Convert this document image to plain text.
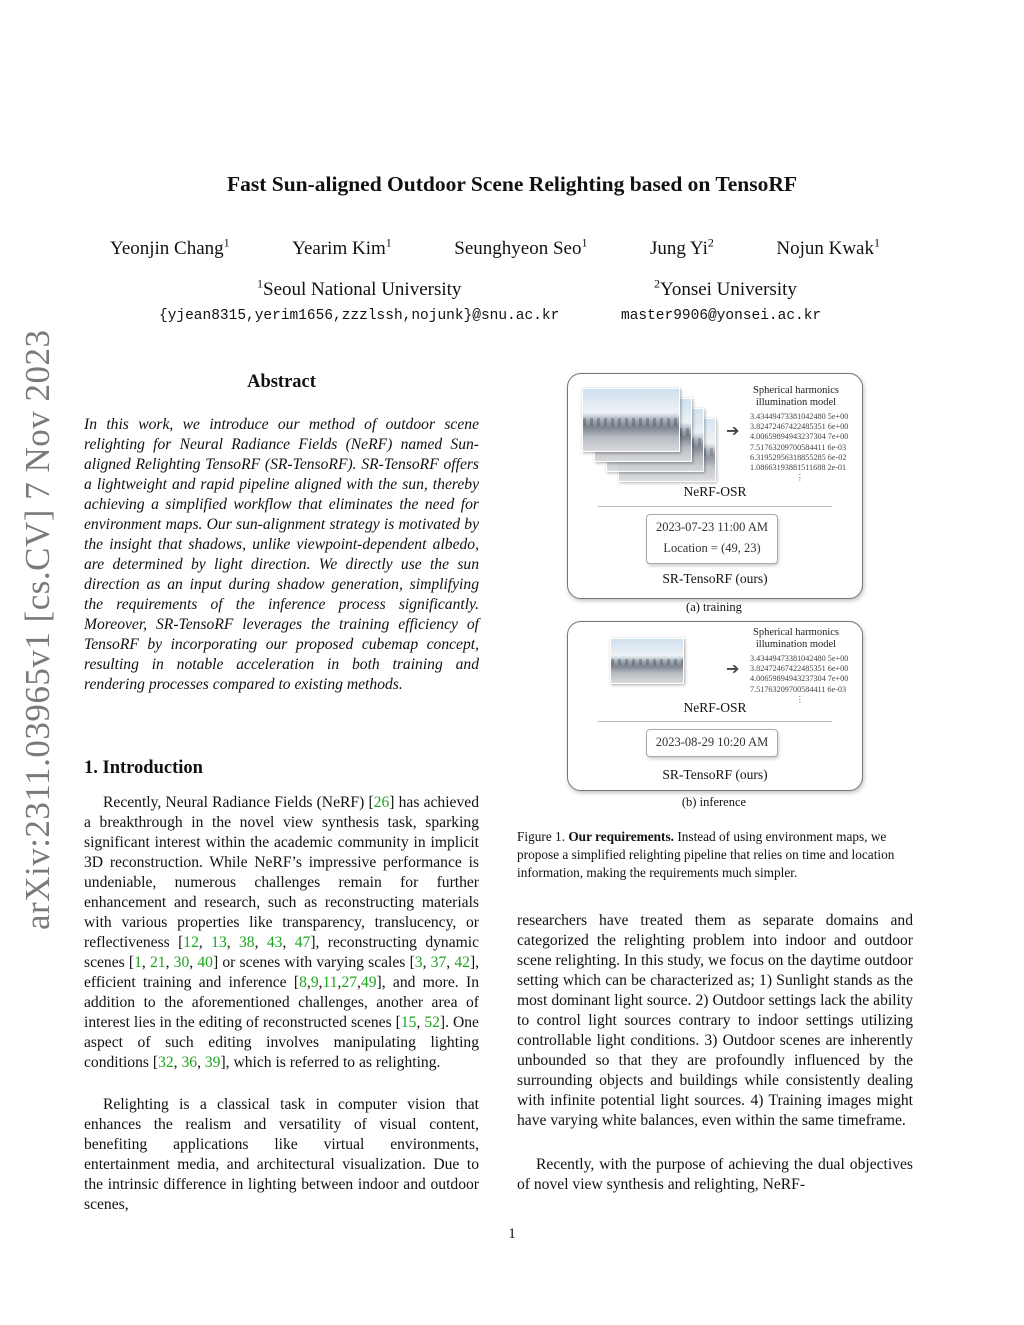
arXiv:2311.03965v1 [cs.CV] 7 Nov 2023
Fast Sun-aligned Outdoor Scene Relighting based on TensoRF
Yeonjin Chang$^1$	Yearim Kim$^1$	Seunghyeon Seo$^1$	Jung Yi$^2$	Nojun Kwak$^1$
$^1$Seoul National University	$^2$Yonsei University
{yjean8315,yerim1656,zzzlssh,nojunk}@snu.ac.kr	master9906@yonsei.ac.kr
Abstract
In this work, we introduce our method of outdoor scene relighting for Neural Radiance Fields (NeRF) named Sun-aligned Relighting TensoRF (SR-TensoRF). SR-TensoRF offers a lightweight and rapid pipeline aligned with the sun, thereby achieving a simplified workflow that eliminates the need for environment maps. Our sun-alignment strategy is motivated by the insight that shadows, unlike viewpoint-dependent albedo, are determined by light direction. We directly use the sun direction as an input during shadow generation, simplifying the requirements of the inference process significantly. Moreover, SR-TensoRF leverages the training efficiency of TensoRF by incorporating our proposed cubemap concept, resulting in notable acceleration in both training and rendering processes compared to existing methods.
1. Introduction
Recently, Neural Radiance Fields (NeRF) [26] has achieved a breakthrough in the novel view synthesis task, sparking significant interest within the academic community in implicit 3D reconstruction. While NeRF’s impressive performance is undeniable, numerous challenges remain for further enhancement and research, such as reconstructing materials with various properties like transparency, translucency, or reflectiveness [12, 13, 38, 43, 47], reconstructing dynamic scenes [1, 21, 30, 40] or scenes with varying scales [3, 37, 42], efficient training and inference [8,9,11,27,49], and more. In addition to the aforementioned challenges, another area of interest lies in the editing of reconstructed scenes [15, 52]. One aspect of such editing involves manipulating lighting conditions [32, 36, 39], which is referred to as relighting.
Relighting is a classical task in computer vision that enhances the realism and versatility of visual content, benefiting applications like virtual environments, entertainment media, and architectural visualization. Due to the intrinsic difference in lighting between indoor and outdoor scenes,
➔
Spherical harmonics
illumination model
3.43449473381042480 5e+00
3.82472467422485351 6e+00
4.00659894943237304 7e+00
7.51763209700584411 6e-03
6.31952956318855285 6e-02
1.08663193881511688 2e-01
⋮
NeRF-OSR
2023-07-23 11:00 AM
Location = (49, 23)
SR-TensoRF (ours)
(a) training
➔
Spherical harmonics
illumination model
3.43449473381042480 5e+00
3.82472467422485351 6e+00
4.00659894943237304 7e+00
7.51763209700584411 6e-03
⋮
NeRF-OSR
2023-08-29 10:20 AM
SR-TensoRF (ours)
(b) inference
Figure 1. Our requirements. Instead of using environment maps, we propose a simplified relighting pipeline that relies on time and location information, making the requirements much simpler.
researchers have treated them as separate domains and categorized the relighting problem into indoor and outdoor scene relighting. In this study, we focus on the daytime outdoor setting which can be characterized as; 1) Sunlight stands as the most dominant light source. 2) Outdoor settings lack the ability to control light sources contrary to indoor settings utilizing controllable light conditions. 3) Outdoor scenes are inherently unbounded so that they are profoundly influenced by the surrounding objects and buildings while consistently dealing with infinite potential light sources. 4) Training images might have varying white balances, even within the same timeframe.
Recently, with the purpose of achieving the dual objectives of novel view synthesis and relighting, NeRF-
1
